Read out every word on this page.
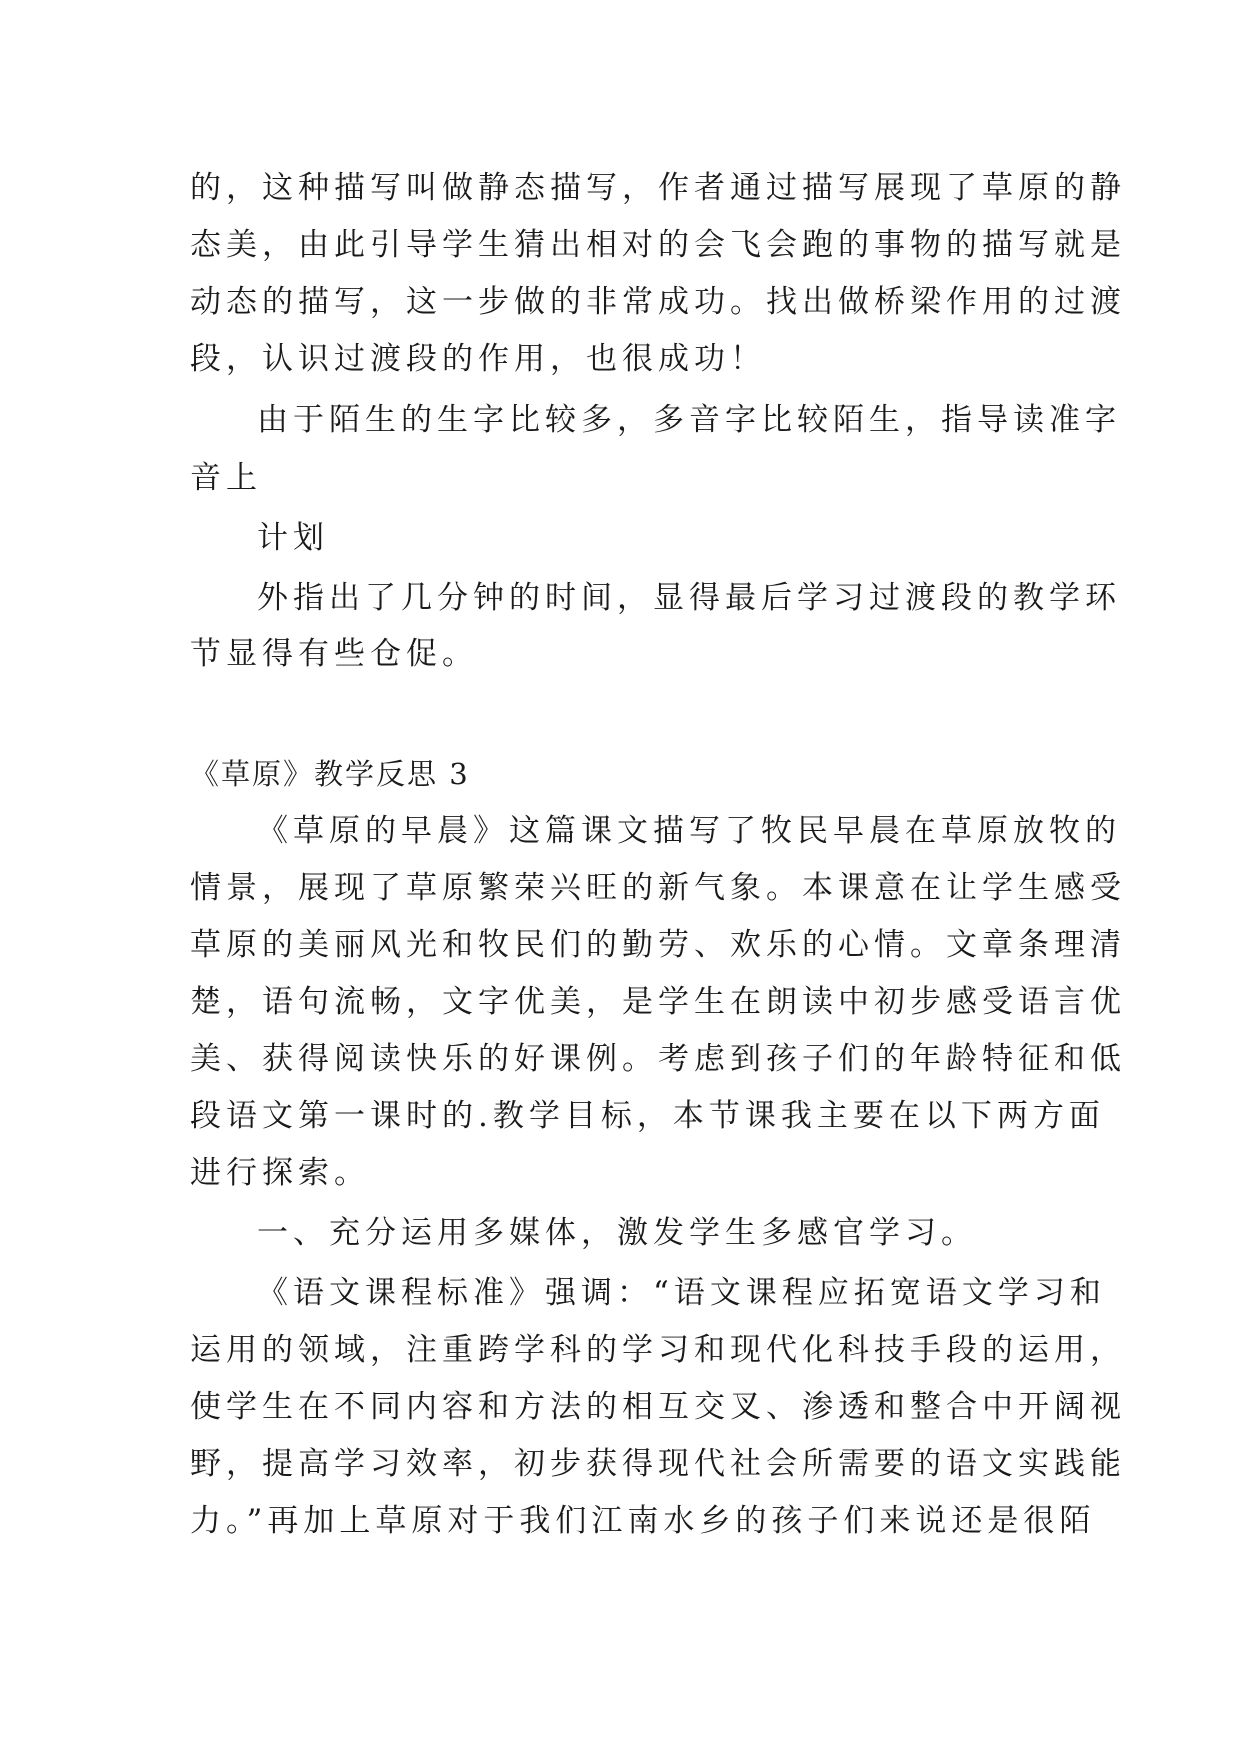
的，这种描写叫做静态描写，作者通过描写展现了草原的静
态美，由此引导学生猜出相对的会飞会跑的事物的描写就是
动态的描写，这一步做的非常成功。找出做桥梁作用的过渡
段，认识过渡段的作用，也很成功！
由于陌生的生字比较多，多音字比较陌生，指导读准字
音上
计划
外指出了几分钟的时间，显得最后学习过渡段的教学环
节显得有些仓促。
《草原》教学反思 3
《草原的早晨》这篇课文描写了牧民早晨在草原放牧的
情景，展现了草原繁荣兴旺的新气象。本课意在让学生感受
草原的美丽风光和牧民们的勤劳、欢乐的心情。文章条理清
楚，语句流畅，文字优美，是学生在朗读中初步感受语言优
美、获得阅读快乐的好课例。考虑到孩子们的年龄特征和低
段语文第一课时的.教学目标，本节课我主要在以下两方面
进行探索。
一、充分运用多媒体，激发学生多感官学习。
《语文课程标准》强调：“语文课程应拓宽语文学习和
运用的领域，注重跨学科的学习和现代化科技手段的运用，
使学生在不同内容和方法的相互交叉、渗透和整合中开阔视
野，提高学习效率，初步获得现代社会所需要的语文实践能
力。”再加上草原对于我们江南水乡的孩子们来说还是很陌
